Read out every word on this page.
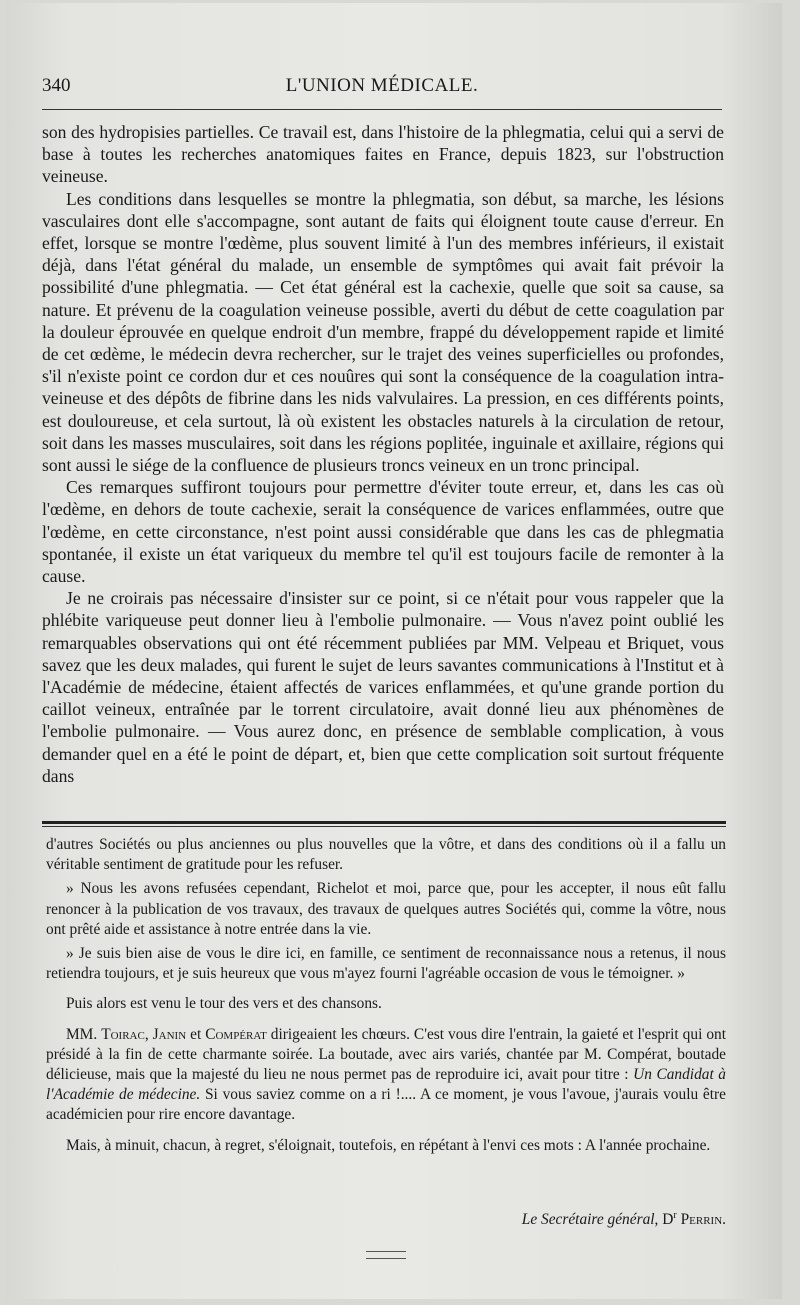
340	L'UNION MÉDICALE.

son des hydropisies partielles. Ce travail est, dans l'histoire de la phlegmatia, celui qui a servi de base à toutes les recherches anatomiques faites en France, depuis 1823, sur l'obstruction veineuse.

Les conditions dans lesquelles se montre la phlegmatia, son début, sa marche, les lésions vasculaires dont elle s'accompagne, sont autant de faits qui éloignent toute cause d'erreur. En effet, lorsque se montre l'œdème, plus souvent limité à l'un des membres inférieurs, il existait déjà, dans l'état général du malade, un ensemble de symptômes qui avait fait prévoir la possibilité d'une phlegmatia. — Cet état général est la cachexie, quelle que soit sa cause, sa nature. Et prévenu de la coagulation veineuse possible, averti du début de cette coagulation par la douleur éprouvée en quelque endroit d'un membre, frappé du développement rapide et limité de cet œdème, le médecin devra rechercher, sur le trajet des veines superficielles ou profondes, s'il n'existe point ce cordon dur et ces nouûres qui sont la conséquence de la coagulation intra-veineuse et des dépôts de fibrine dans les nids valvulaires. La pression, en ces différents points, est douloureuse, et cela surtout, là où existent les obstacles naturels à la circulation de retour, soit dans les masses musculaires, soit dans les régions poplitée, inguinale et axillaire, régions qui sont aussi le siége de la confluence de plusieurs troncs veineux en un tronc principal.

Ces remarques suffiront toujours pour permettre d'éviter toute erreur, et, dans les cas où l'œdème, en dehors de toute cachexie, serait la conséquence de varices enflammées, outre que l'œdème, en cette circonstance, n'est point aussi considérable que dans les cas de phlegmatia spontanée, il existe un état variqueux du membre tel qu'il est toujours facile de remonter à la cause.

Je ne croirais pas nécessaire d'insister sur ce point, si ce n'était pour vous rappeler que la phlébite variqueuse peut donner lieu à l'embolie pulmonaire. — Vous n'avez point oublié les remarquables observations qui ont été récemment publiées par MM. Velpeau et Briquet, vous savez que les deux malades, qui furent le sujet de leurs savantes communications à l'Institut et à l'Académie de médecine, étaient affectés de varices enflammées, et qu'une grande portion du caillot veineux, entraînée par le torrent circulatoire, avait donné lieu aux phénomènes de l'embolie pulmonaire. — Vous aurez donc, en présence de semblable complication, à vous demander quel en a été le point de départ, et, bien que cette complication soit surtout fréquente dans

d'autres Sociétés ou plus anciennes ou plus nouvelles que la vôtre, et dans des conditions où il a fallu un véritable sentiment de gratitude pour les refuser.

» Nous les avons refusées cependant, Richelot et moi, parce que, pour les accepter, il nous eût fallu renoncer à la publication de vos travaux, des travaux de quelques autres Sociétés qui, comme la vôtre, nous ont prêté aide et assistance à notre entrée dans la vie.

» Je suis bien aise de vous le dire ici, en famille, ce sentiment de reconnaissance nous a retenus, il nous retiendra toujours, et je suis heureux que vous m'ayez fourni l'agréable occasion de vous le témoigner. »

Puis alors est venu le tour des vers et des chansons.

MM. Toirac, Janin et Compérat dirigeaient les chœurs. C'est vous dire l'entrain, la gaieté et l'esprit qui ont présidé à la fin de cette charmante soirée. La boutade, avec airs variés, chantée par M. Compérat, boutade délicieuse, mais que la majesté du lieu ne nous permet pas de reproduire ici, avait pour titre : Un Candidat à l'Académie de médecine. Si vous saviez comme on a ri !.... A ce moment, je vous l'avoue, j'aurais voulu être académicien pour rire encore davantage.

Mais, à minuit, chacun, à regret, s'éloignait, toutefois, en répétant à l'envi ces mots : A l'année prochaine.

Le Secrétaire général, $D^r$ Perrin.
